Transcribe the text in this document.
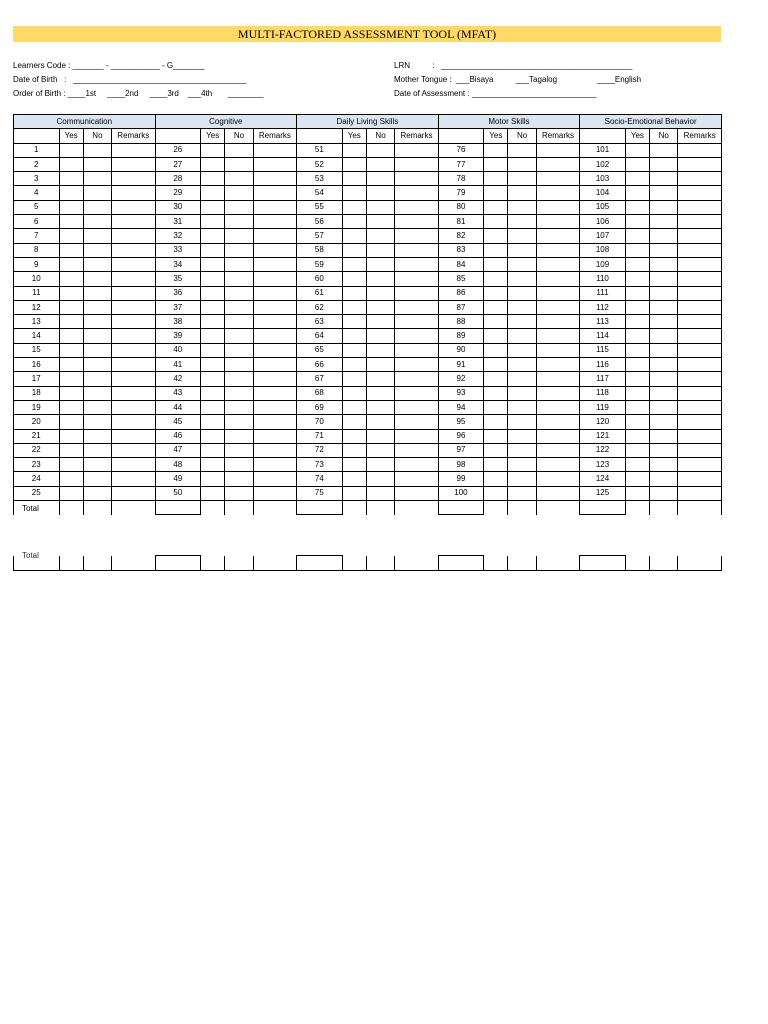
MULTI-FACTORED ASSESSMENT TOOL (MFAT)
Learners Code : _______ - ___________ - G_______
Date of Birth   :   _______________________________________
Order of Birth : ____1st     ____2nd     ____3rd    ___4th       ________
LRN          :   ___________________________________________
Mother Tongue :  ___Bisaya          ___Tagalog                  ____English
Date of Assessment : ____________________________
Communication				Cognitive				Daily Living Skills				Motor Skills				Socio-Emotional Behavior			
	Yes	No	Remarks		Yes	No	Remarks		Yes	No	Remarks		Yes	No	Remarks		Yes	No	Remarks
1				26				51				76				101			
2				27				52				77				102			
3				28				53				78				103			
4				29				54				79				104			
5				30				55				80				105			
6				31				56				81				106			
7				32				57				82				107			
8				33				58				83				108			
9				34				59				84				109			
10				35				60				85				110			
11				36				61				86				111			
12				37				62				87				112			
13				38				63				88				113			
14				39				64				89				114			
15				40				65				90				115			
16				41				66				91				116			
17				42				67				92				117			
18				43				68				93				118			
19				44				69				94				119			
20				45				70				95				120			
21				46				71				96				121			
22				47				72				97				122			
23				48				73				98				123			
24				49				74				99				124			
25				50				75				100				125			
Total																			
Total
